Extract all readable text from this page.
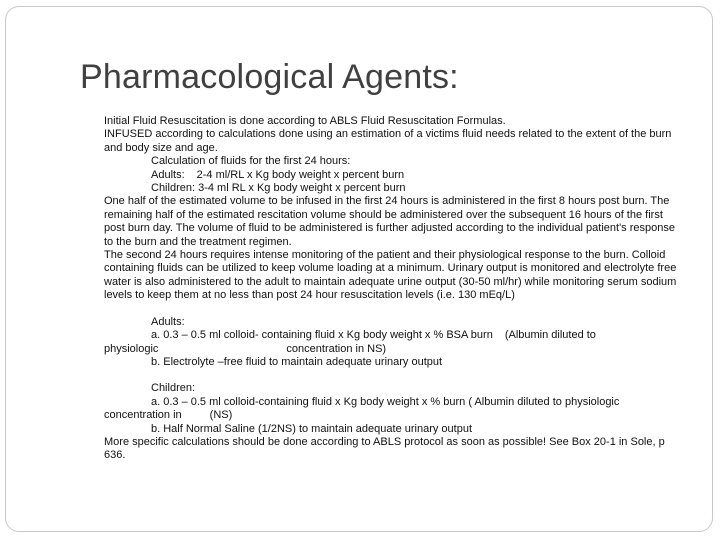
Pharmacological Agents:

Initial Fluid Resuscitation is done according to ABLS Fluid Resuscitation Formulas.

INFUSED according to calculations done using an estimation of a victims fluid needs related to the extent of the burn and body size and age.

Calculation of fluids for the first 24 hours:

Adults: 2-4 ml/RL x Kg body weight x percent burn

Children: 3-4 ml RL x Kg body weight x percent burn

One half of the estimated volume to be infused in the first 24 hours is administered in the first 8 hours post burn. The remaining half of the estimated rescitation volume should be administered over the subsequent 16 hours of the first post burn day. The volume of fluid to be administered is further adjusted according to the individual patient's response to the burn and the treatment regimen.

The second 24 hours requires intense monitoring of the patient and their physiological response to the burn. Colloid containing fluids can be utilized to keep volume loading at a minimum. Urinary output is monitored and electrolyte free water is also administered to the adult to maintain adequate urine output (30-50 ml/hr) while monitoring serum sodium levels to keep them at no less than post 24 hour resuscitation levels (i.e. 130 mEq/L)

Adults:

a. 0.3 – 0.5 ml colloid- containing fluid x Kg body weight x % BSA burn (Albumin diluted to

physiologic	concentration in NS)

b. Electrolyte –free fluid to maintain adequate urinary output

Children:

a. 0.3 – 0.5 ml colloid-containing fluid x Kg body weight x % burn ( Albumin diluted to physiologic

concentration in	(NS)

b. Half Normal Saline (1/2NS) to maintain adequate urinary output

More specific calculations should be done according to ABLS protocol as soon as possible! See Box 20-1 in Sole, p 636.
